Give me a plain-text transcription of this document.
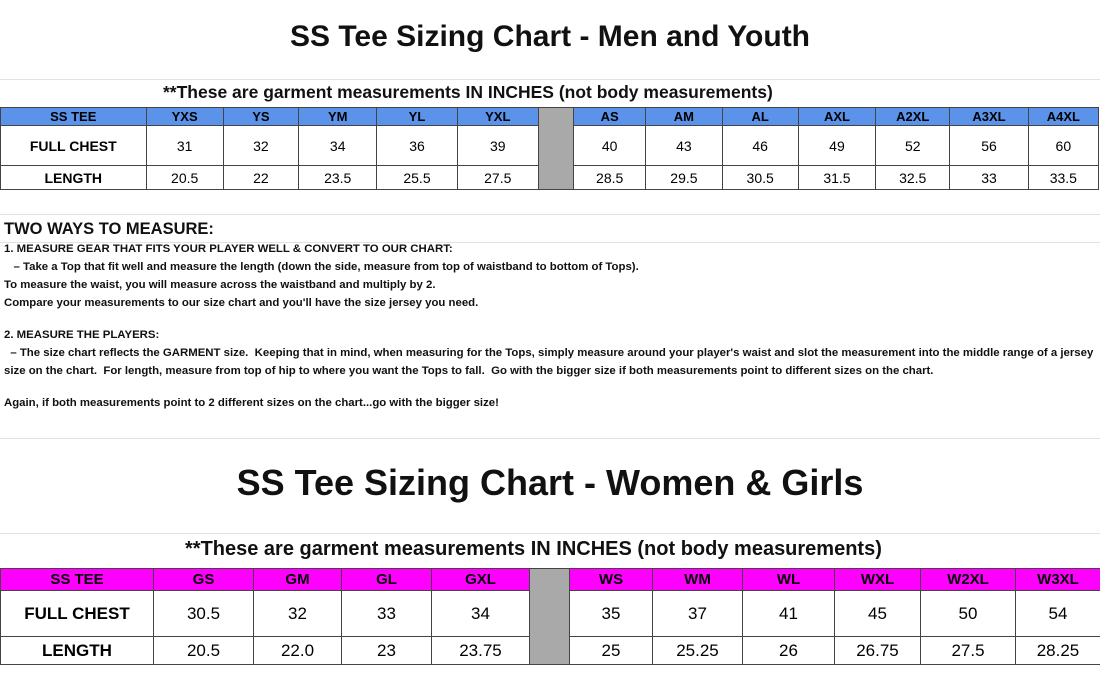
SS Tee Sizing Chart - Men and Youth
**These are garment measurements IN INCHES (not body measurements)
SS TEE	YXS	YS	YM	YL	YXL		AS	AM	AL	AXL	A2XL	A3XL	A4XL
FULL CHEST	31	32	34	36	39		40	43	46	49	52	56	60
LENGTH	20.5	22	23.5	25.5	27.5		28.5	29.5	30.5	31.5	32.5	33	33.5

TWO WAYS TO MEASURE:

1. MEASURE GEAR THAT FITS YOUR PLAYER WELL & CONVERT TO OUR CHART:

– Take a Top that fit well and measure the length (down the side, measure from top of waistband to bottom of Tops).

To measure the waist, you will measure across the waistband and multiply by 2.

Compare your measurements to our size chart and you'll have the size jersey you need.

2. MEASURE THE PLAYERS:

– The size chart reflects the GARMENT size.  Keeping that in mind, when measuring for the Tops, simply measure around your player's waist and slot the measurement into the middle range of a jersey size on the chart.  For length, measure from top of hip to where you want the Tops to fall.  Go with the bigger size if both measurements point to different sizes on the chart.

Again, if both measurements point to 2 different sizes on the chart...go with the bigger size!

SS Tee Sizing Chart - Women & Girls
**These are garment measurements IN INCHES (not body measurements)
SS TEE	GS	GM	GL	GXL		WS	WM	WL	WXL	W2XL	W3XL
FULL CHEST	30.5	32	33	34		35	37	41	45	50	54
LENGTH	20.5	22.0	23	23.75		25	25.25	26	26.75	27.5	28.25
